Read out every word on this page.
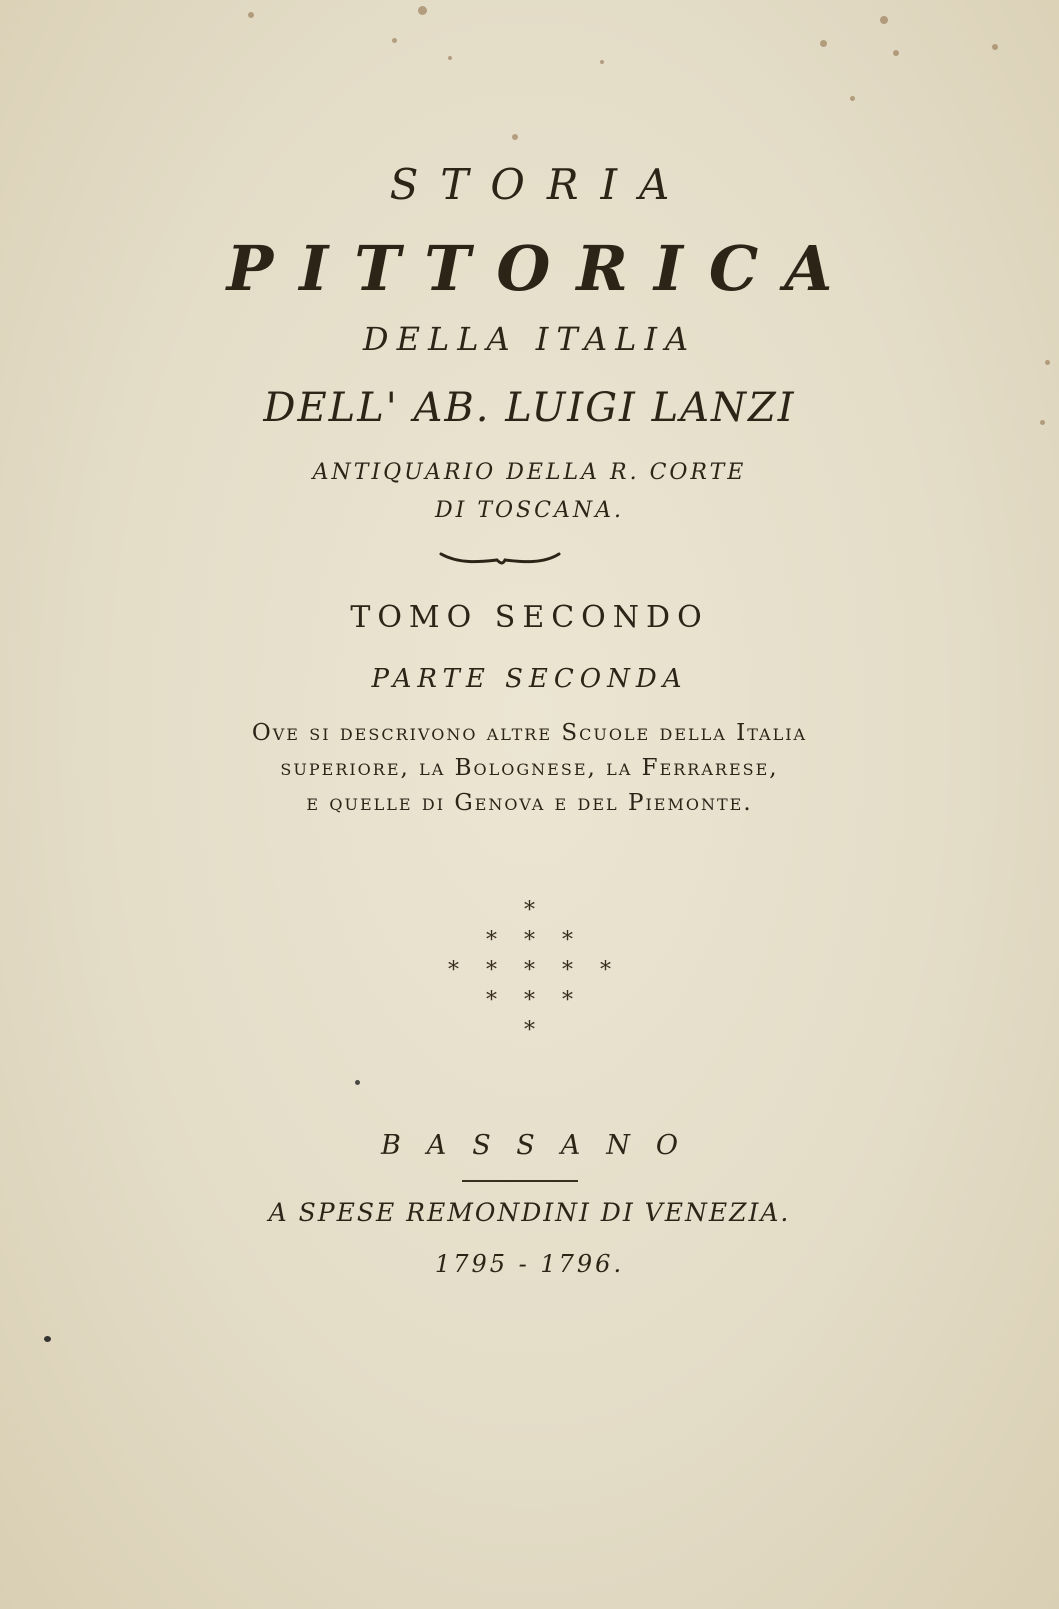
STORIA
PITTORICA
DELLA ITALIA
DELL' AB. LUIGI LANZI
ANTIQUARIO DELLA R. CORTE
DI TOSCANA.
TOMO SECONDO
PARTE SECONDA
Ove si descrivono altre Scuole della Italia
superiore, la Bolognese, la Ferrarese,
e quelle di Genova e del Piemonte.
*
* * *
* * * * *
* * *
*
BASSANO
A SPESE REMONDINI DI VENEZIA.
1795 - 1796.
